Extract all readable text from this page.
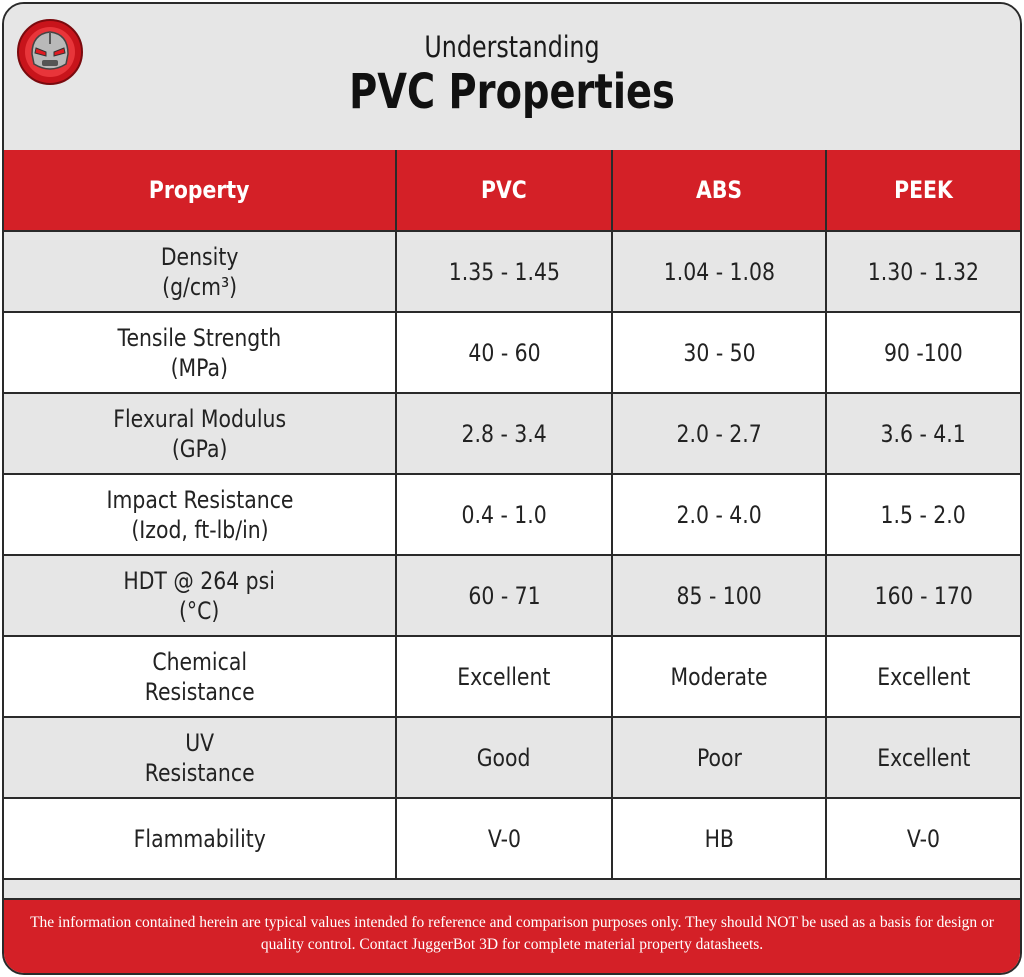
Understanding
PVC Properties
Property	PVC	ABS	PEEK

Density
(g/cm³)	1.35 - 1.45	1.04 - 1.08	1.30 - 1.32

Tensile Strength
(MPa)	40 - 60	30 - 50	90 -100

Flexural Modulus
(GPa)	2.8 - 3.4	2.0 - 2.7	3.6 - 4.1

Impact Resistance
(Izod, ft-lb/in)	0.4 - 1.0	2.0 - 4.0	1.5 - 2.0

HDT @ 264 psi
(°C)	60 - 71	85 - 100	160 - 170

Chemical
Resistance	Excellent	Moderate	Excellent

UV
Resistance	Good	Poor	Excellent

Flammability	V-0	HB	V-0
The information contained herein are typical values intended fo reference and comparison purposes only. They should NOT be used as a basis for design or quality control. Contact JuggerBot 3D for complete material property datasheets.
